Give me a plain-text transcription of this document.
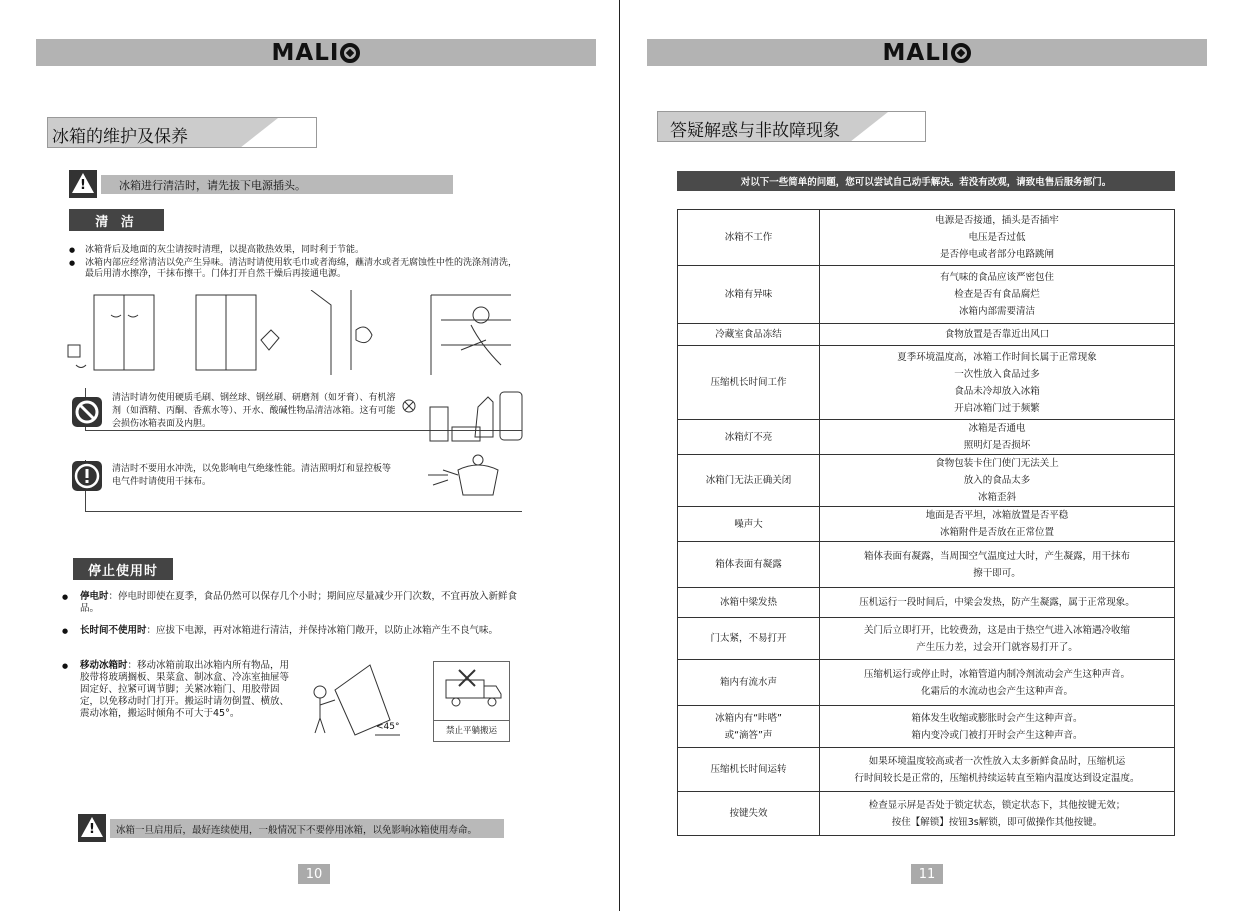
MALI
冰箱的维护及保养
!	冰箱进行清洁时，请先拔下电源插头。
清 洁
● 冰箱背后及地面的灰尘请按时清理，以提高散热效果，同时利于节能。
● 冰箱内部应经常清洁以免产生异味。清洁时请使用软毛巾或者海绵，蘸清水或者无腐蚀性中性的洗涤剂清洗，最后用清水擦净，干抹布擦干。门体打开自然干燥后再接通电源。
清洁时请勿使用硬质毛刷、钢丝球、钢丝刷、研磨剂（如牙膏）、有机溶剂（如酒精、丙酮、香蕉水等）、开水、酸碱性物品清洁冰箱。这有可能会损伤冰箱表面及内胆。
清洁时不要用水冲洗，以免影响电气绝缘性能。清洁照明灯和显控板等电气件时请使用干抹布。
停止使用时
● 停电时：停电时即使在夏季，食品仍然可以保存几个小时；期间应尽量减少开门次数，不宜再放入新鲜食品。
● 长时间不使用时：应拔下电源，再对冰箱进行清洁，并保持冰箱门敞开，以防止冰箱产生不良气味。
● 移动冰箱时：移动冰箱前取出冰箱内所有物品，用胶带将玻璃搁板、果菜盒、制冰盒、冷冻室抽屉等固定好、拉紧可调节脚；关紧冰箱门、用胶带固定，以免移动时门打开。搬运时请勿倒置、横放、震动冰箱，搬运时倾角不可大于45°。
<45°	禁止平躺搬运
!	冰箱一旦启用后，最好连续使用，一般情况下不要停用冰箱，以免影响冰箱使用寿命。
10
MALI
答疑解惑与非故障现象
对以下一些简单的问题，您可以尝试自己动手解决。若没有改观，请致电售后服务部门。
冰箱不工作	电源是否接通，插头是否插牢
电压是否过低
是否停电或者部分电路跳闸

冰箱有异味	有气味的食品应该严密包住
检查是否有食品腐烂
冰箱内部需要清洁

冷藏室食品冻结	食物放置是否靠近出风口

压缩机长时间工作	夏季环境温度高，冰箱工作时间长属于正常现象
一次性放入食品过多
食品未冷却放入冰箱
开启冰箱门过于频繁

冰箱灯不亮	冰箱是否通电
照明灯是否损坏

冰箱门无法正确关闭	食物包装卡住门使门无法关上
放入的食品太多
冰箱歪斜

噪声大	地面是否平坦，冰箱放置是否平稳
冰箱附件是否放在正常位置

箱体表面有凝露	箱体表面有凝露，当周围空气温度过大时，产生凝露，用干抹布
擦干即可。

冰箱中梁发热	压机运行一段时间后，中梁会发热，防产生凝露，属于正常现象。

门太紧，不易打开	关门后立即打开，比较费劲，这是由于热空气进入冰箱遇冷收缩
产生压力差，过会开门就容易打开了。

箱内有流水声	压缩机运行或停止时，冰箱管道内制冷剂流动会产生这种声音。
化霜后的水流动也会产生这种声音。

冰箱内有“咔嗒”
或“滴答”声	箱体发生收缩或膨胀时会产生这种声音。
箱内变冷或门被打开时会产生这种声音。

压缩机长时间运转	如果环境温度较高或者一次性放入太多新鲜食品时，压缩机运
行时间较长是正常的，压缩机持续运转直至箱内温度达到设定温度。

按键失效	检查显示屏是否处于锁定状态，锁定状态下，其他按键无效；
按住【解锁】按钮3s解锁，即可做操作其他按键。
11
